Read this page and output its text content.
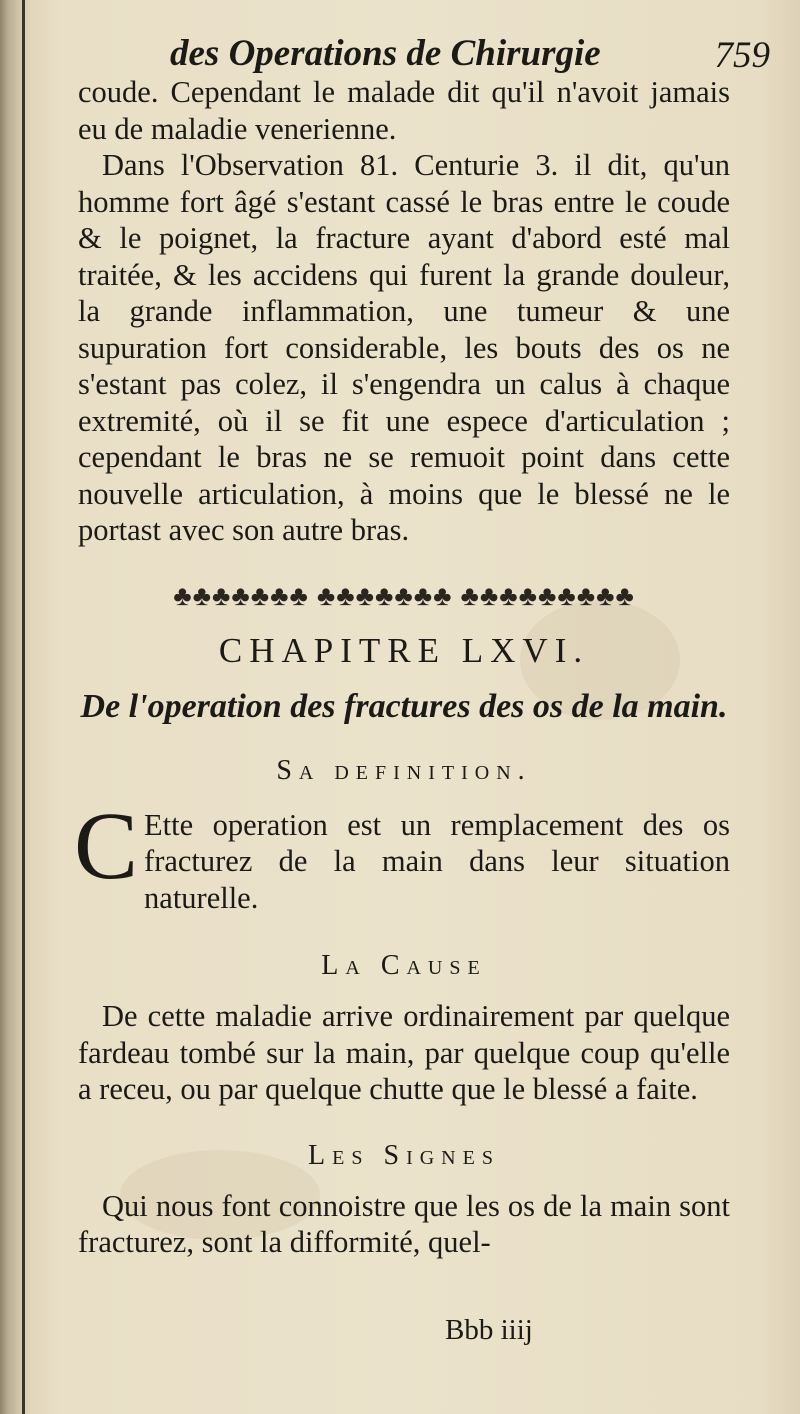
des Operations de Chirurgie	759

coude. Cependant le malade dit qu'il n'avoit jamais eu de maladie venerienne.

Dans l'Observation 81. Centurie 3. il dit, qu'un homme fort âgé s'estant cassé le bras entre le coude & le poignet, la fracture ayant d'abord esté mal traitée, & les accidens qui furent la grande douleur, la grande inflammation, une tumeur & une supuration fort considerable, les bouts des os ne s'estant pas colez, il s'engendra un calus à chaque extremité, où il se fit une espece d'articulation ; cependant le bras ne se remuoit point dans cette nouvelle articulation, à moins que le blessé ne le portast avec son autre bras.

♣♣♣♣♣♣♣ ♣♣♣♣♣♣♣ ♣♣♣♣♣♣♣♣♣
CHAPITRE LXVI.
De l'operation des fractures des os de la main.
Sa definition.

C Ette operation est un remplacement des os fracturez de la main dans leur situation naturelle.

La Cause

De cette maladie arrive ordinairement par quelque fardeau tombé sur la main, par quelque coup qu'elle a receu, ou par quelque chutte que le blessé a faite.

Les Signes

Qui nous font connoistre que les os de la main sont fracturez, sont la difformité, quel-

Bbb iiij
